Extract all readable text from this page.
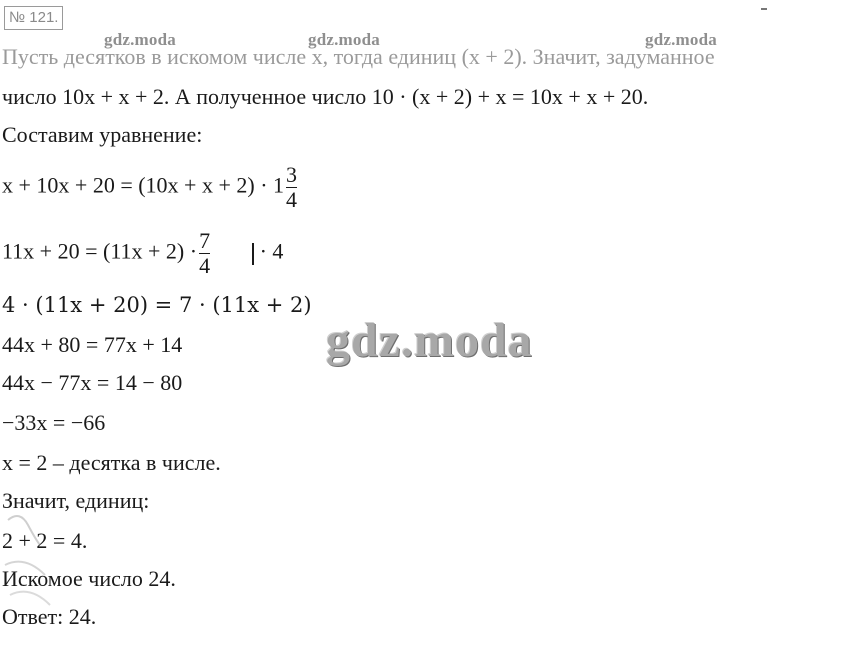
№ 121.
gdz.moda	gdz.moda	gdz.moda
Пусть десятков в искомом числе x, тогда единиц (x + 2). Значит, задуманное
число 10x + x + 2. А полученное число 10 · (x + 2) + x = 10x + x + 20.
Составим уравнение:
$x + 10x + 20 = (10x + x + 2) \cdot 1 \frac{3}{4}$
$11x + 20 = (11x + 2) \cdot \frac{7}{4} \cdot 4$
4 · (11x + 20) = 7 · (11x + 2)
44x + 80 = 77x + 14
44x − 77x = 14 − 80
−33x = −66
x = 2 – десятка в числе.
Значит, единиц:
2 + 2 = 4.
Искомое число 24.
Ответ: 24.
gdz.moda
